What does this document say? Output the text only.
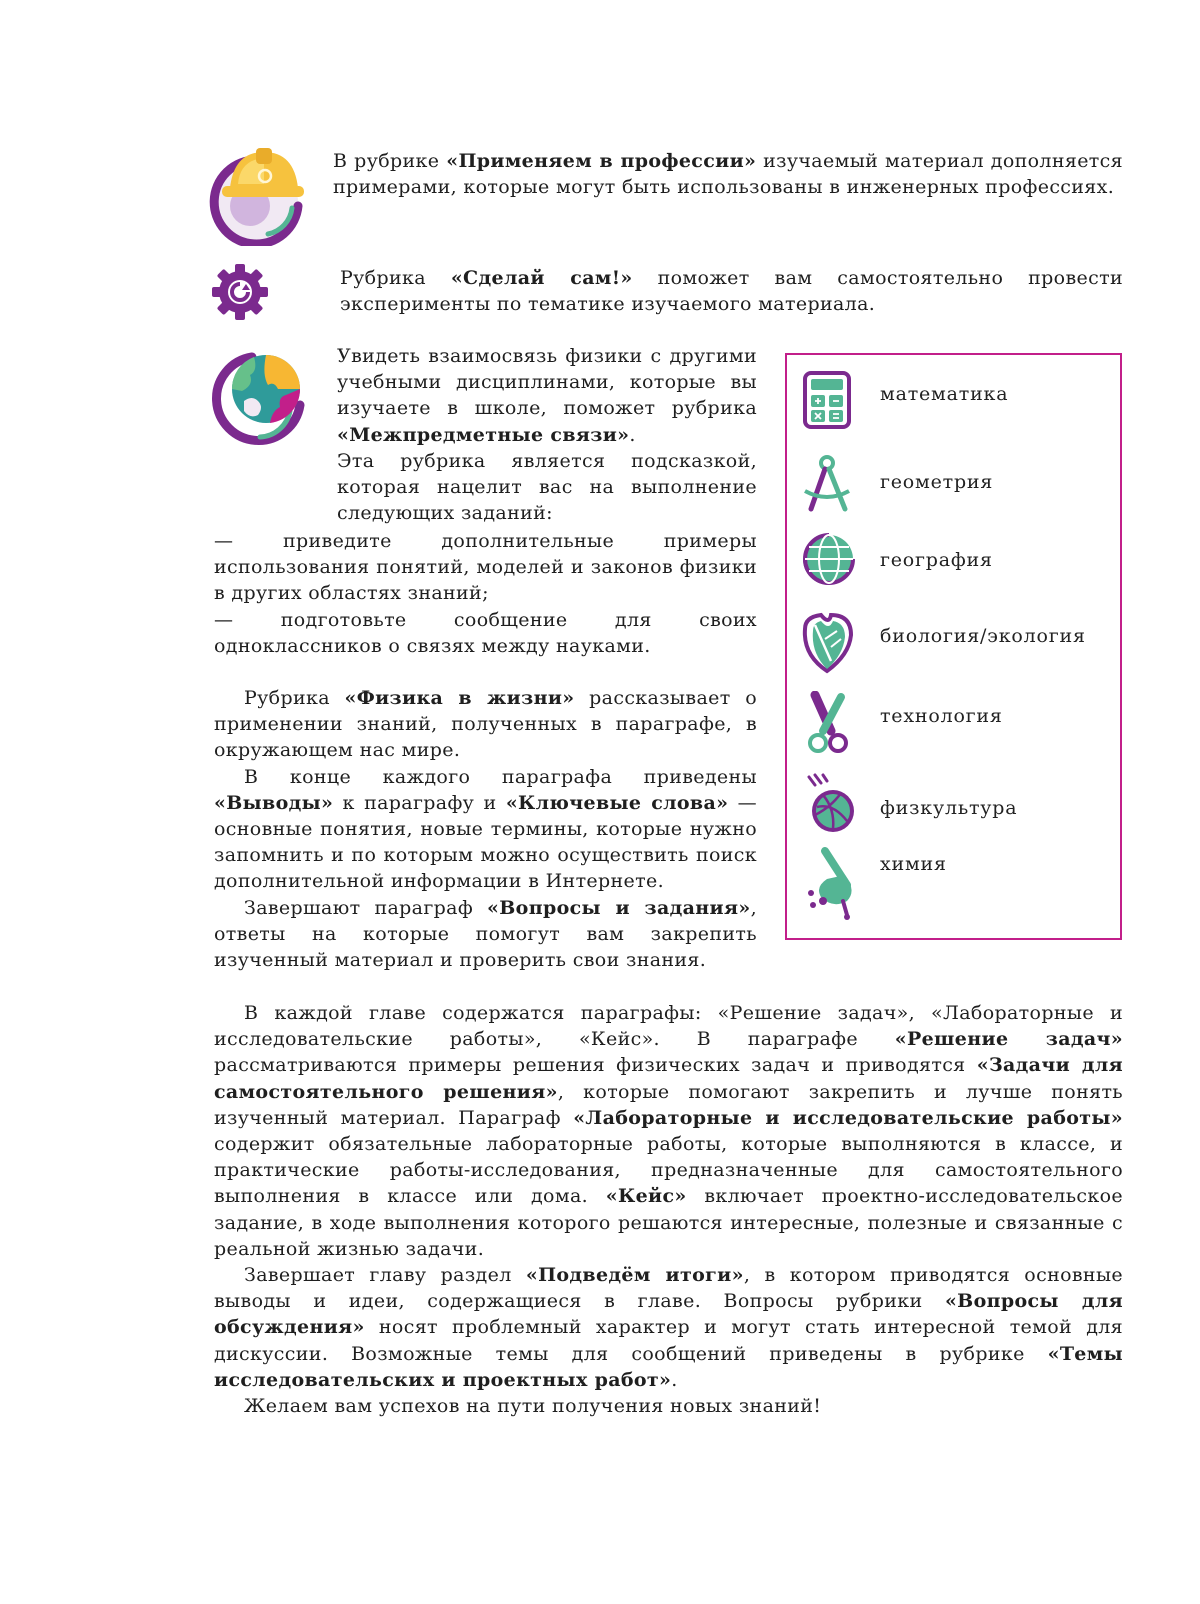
В рубрике «Применяем в профессии» изучаемый материал дополняется примерами, которые могут быть использованы в инженерных профессиях.

Рубрика «Сделай сам!» поможет вам самостоятельно провести эксперименты по тематике изучаемого материала.

Увидеть взаимосвязь физики с другими учебными дисциплинами, которые вы изучаете в школе, поможет рубрика «Межпредметные связи».

Эта рубрика является подсказкой, которая нацелит вас на выполнение следующих заданий:

— приведите дополнительные примеры использования понятий, моделей и законов физики в других областях знаний;

— подготовьте сообщение для своих одноклассников о связях между науками.

Рубрика «Физика в жизни» рассказывает о применении знаний, полученных в параграфе, в окружающем нас мире.

В конце каждого параграфа приведены «Выводы» к параграфу и «Ключевые слова» — основные понятия, новые термины, которые нужно запомнить и по которым можно осуществить поиск дополнительной информации в Интернете.

Завершают параграф «Вопросы и задания», ответы на которые помогут вам закрепить изученный материал и проверить свои знания.

В каждой главе содержатся параграфы: «Решение задач», «Лабораторные и исследовательские работы», «Кейс». В параграфе «Решение задач» рассматриваются примеры решения физических задач и приводятся «Задачи для самостоятельного решения», которые помогают закрепить и лучше понять изученный материал. Параграф «Лабораторные и исследовательские работы» содержит обязательные лабораторные работы, которые выполняются в классе, и практические работы-исследования, предназначенные для самостоятельного выполнения в классе или дома. «Кейс» включает проектно-исследовательское задание, в ходе выполнения которого решаются интересные, полезные и связанные с реальной жизнью задачи.

Завершает главу раздел «Подведём итоги», в котором приводятся основные выводы и идеи, содержащиеся в главе. Вопросы рубрики «Вопросы для обсуждения» носят проблемный характер и могут стать интересной темой для дискуссии. Возможные темы для сообщений приведены в рубрике «Темы исследовательских и проектных работ».

Желаем вам успехов на пути получения новых знаний!

математика
геометрия
география
биология/экология
технология
физкультура
химия
